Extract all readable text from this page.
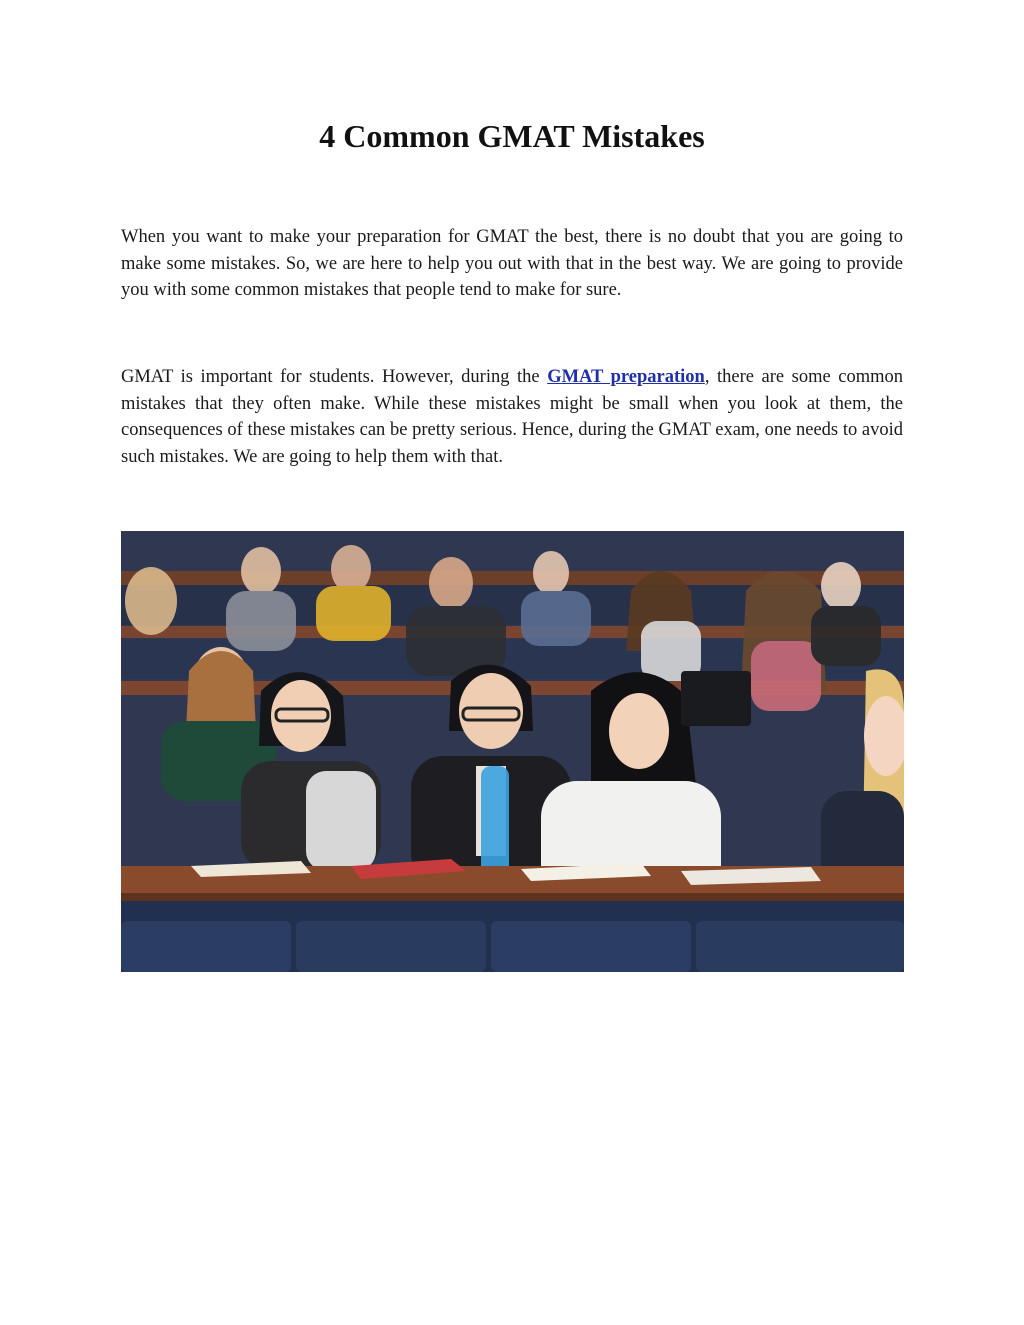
4 Common GMAT Mistakes

When you want to make your preparation for GMAT the best, there is no doubt that you are going to make some mistakes. So, we are here to help you out with that in the best way. We are going to provide you with some common mistakes that people tend to make for sure.

GMAT is important for students. However, during the GMAT preparation, there are some common mistakes that they often make. While these mistakes might be small when you look at them, the consequences of these mistakes can be pretty serious. Hence, during the GMAT exam, one needs to avoid such mistakes. We are going to help them with that.
